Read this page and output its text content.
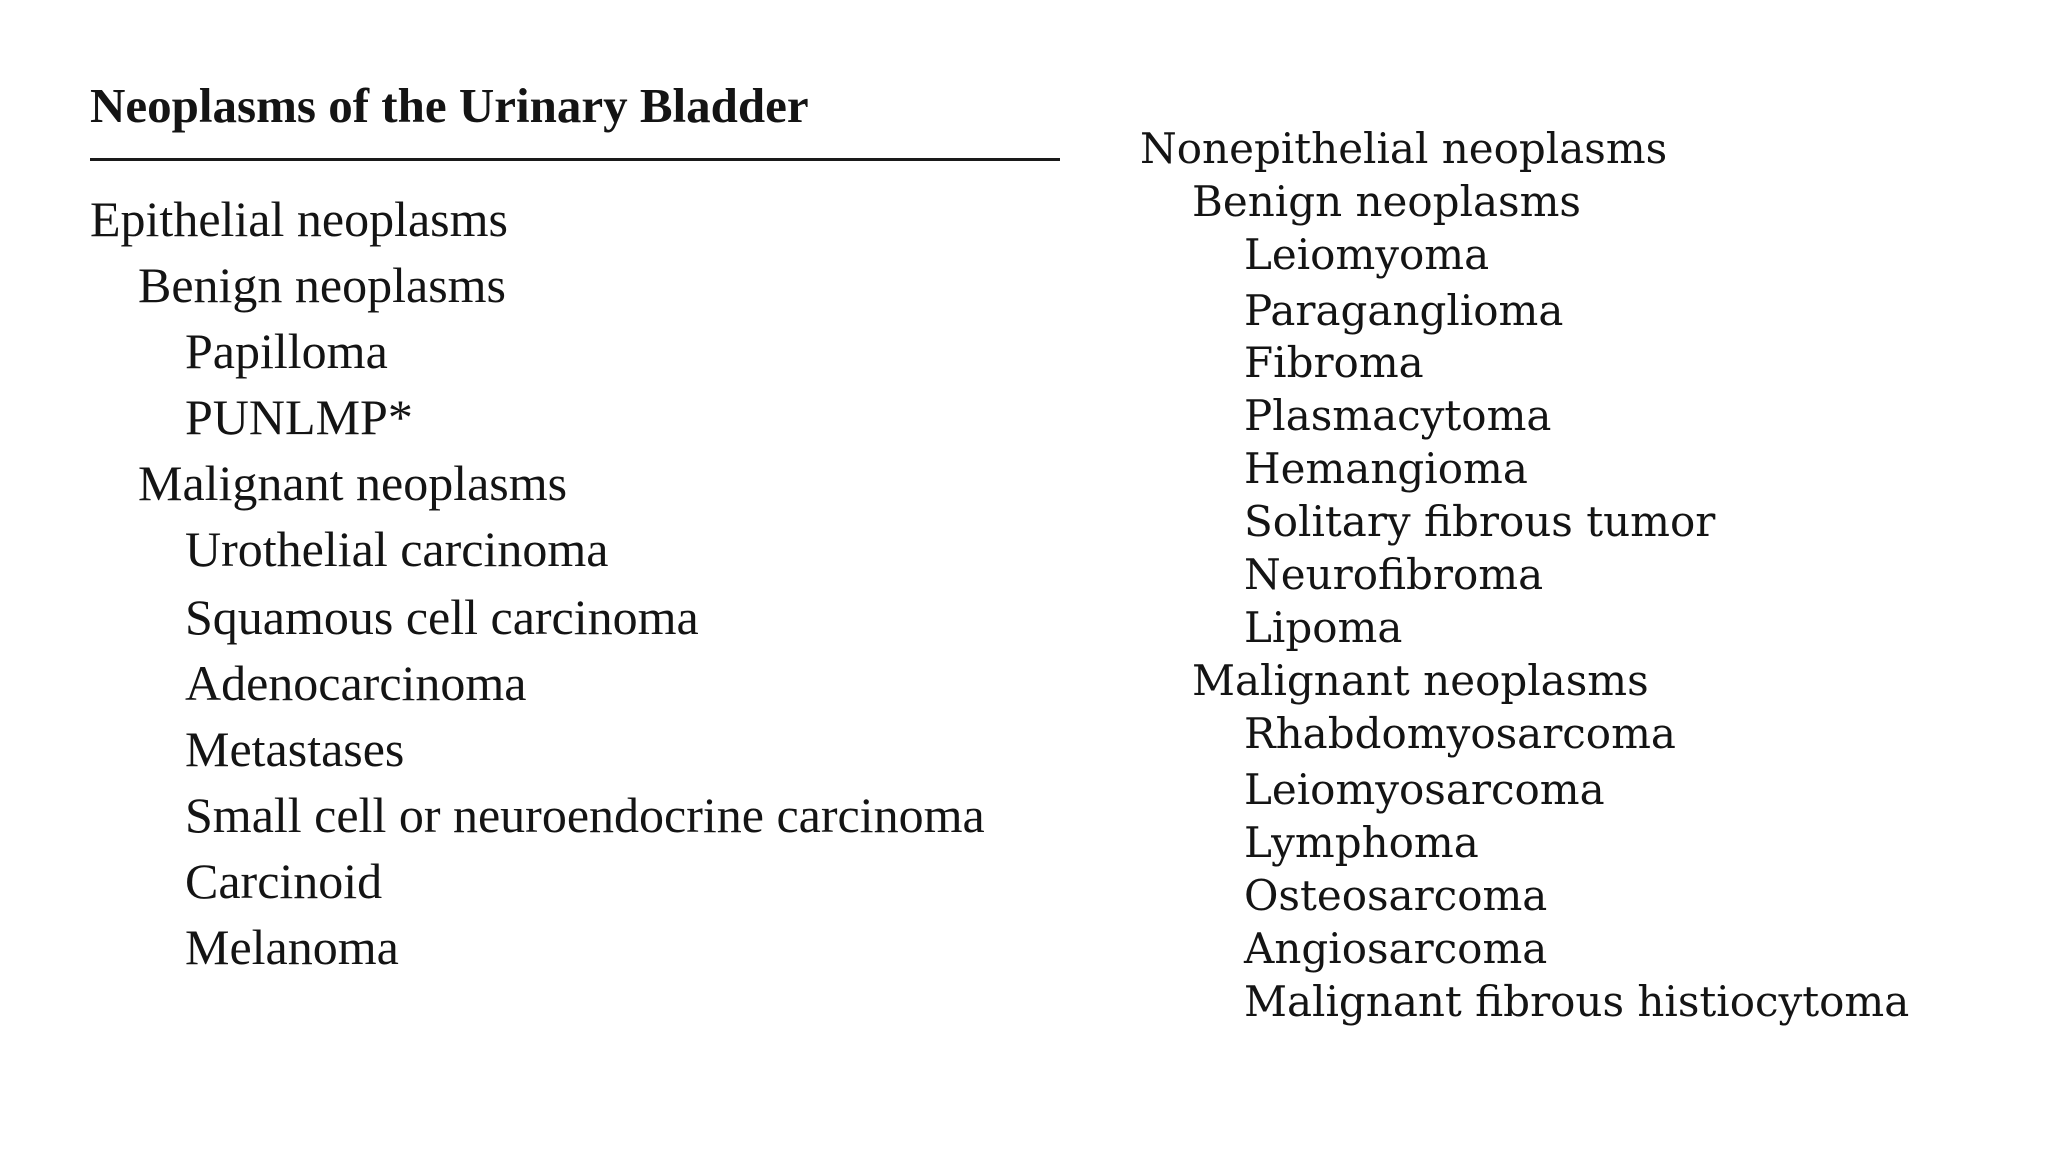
Neoplasms of the Urinary Bladder
Epithelial neoplasms
Benign neoplasms
Papilloma
PUNLMP*
Malignant neoplasms
Urothelial carcinoma
Squamous cell carcinoma
Adenocarcinoma
Metastases
Small cell or neuroendocrine carcinoma
Carcinoid
Melanoma
Nonepithelial neoplasms
Benign neoplasms
Leiomyoma
Paraganglioma
Fibroma
Plasmacytoma
Hemangioma
Solitary fibrous tumor
Neurofibroma
Lipoma
Malignant neoplasms
Rhabdomyosarcoma
Leiomyosarcoma
Lymphoma
Osteosarcoma
Angiosarcoma
Malignant fibrous histiocytoma
